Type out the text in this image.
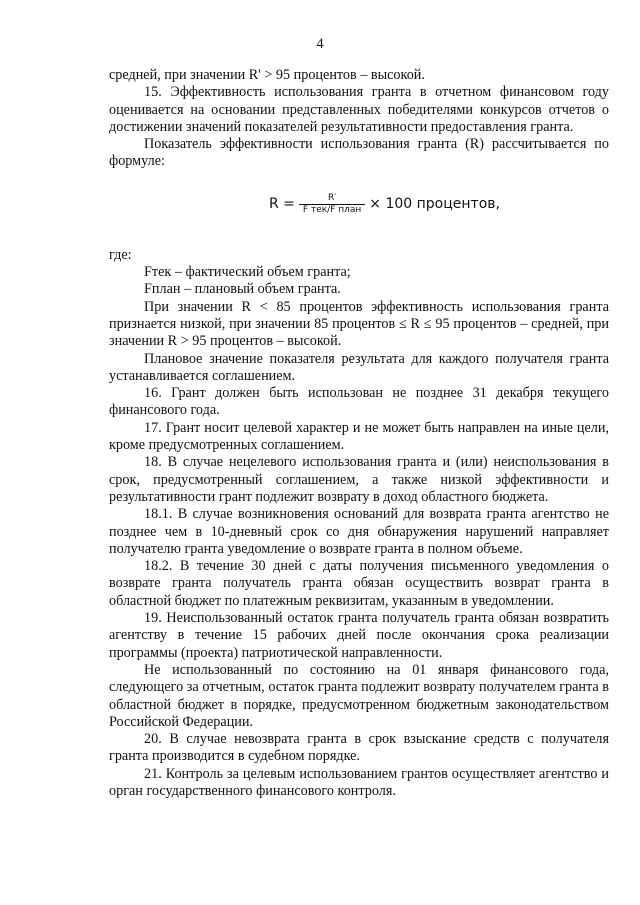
4

средней, при значении R' > 95 процентов – высокой.

15. Эффективность использования гранта в отчетном финансовом году оценивается на основании представленных победителями конкурсов отчетов о достижении значений показателей результативности предоставления гранта.

Показатель эффективности использования гранта (R) рассчитывается по формуле:

$R = \frac{R'}{\text{F тек/F план}} \times 100$ процентов,

где:

Fтек – фактический объем гранта;

Fплан – плановый объем гранта.

При значении R < 85 процентов эффективность использования гранта признается низкой, при значении 85 процентов ≤ R ≤ 95 процентов – средней, при значении R > 95 процентов – высокой.

Плановое значение показателя результата для каждого получателя гранта устанавливается соглашением.

16. Грант должен быть использован не позднее 31 декабря текущего финансового года.

17. Грант носит целевой характер и не может быть направлен на иные цели, кроме предусмотренных соглашением.

18. В случае нецелевого использования гранта и (или) неиспользования в срок, предусмотренный соглашением, а также низкой эффективности и результативности грант подлежит возврату в доход областного бюджета.

18.1. В случае возникновения оснований для возврата гранта агентство не позднее чем в 10-дневный срок со дня обнаружения нарушений направляет получателю гранта уведомление о возврате гранта в полном объеме.

18.2. В течение 30 дней с даты получения письменного уведомления о возврате гранта получатель гранта обязан осуществить возврат гранта в областной бюджет по платежным реквизитам, указанным в уведомлении.

19. Неиспользованный остаток гранта получатель гранта обязан возвратить агентству в течение 15 рабочих дней после окончания срока реализации программы (проекта) патриотической направленности.

Не использованный по состоянию на 01 января финансового года, следующего за отчетным, остаток гранта подлежит возврату получателем гранта в областной бюджет в порядке, предусмотренном бюджетным законодательством Российской Федерации.

20. В случае невозврата гранта в срок взыскание средств с получателя гранта производится в судебном порядке.

21. Контроль за целевым использованием грантов осуществляет агентство и орган государственного финансового контроля.
